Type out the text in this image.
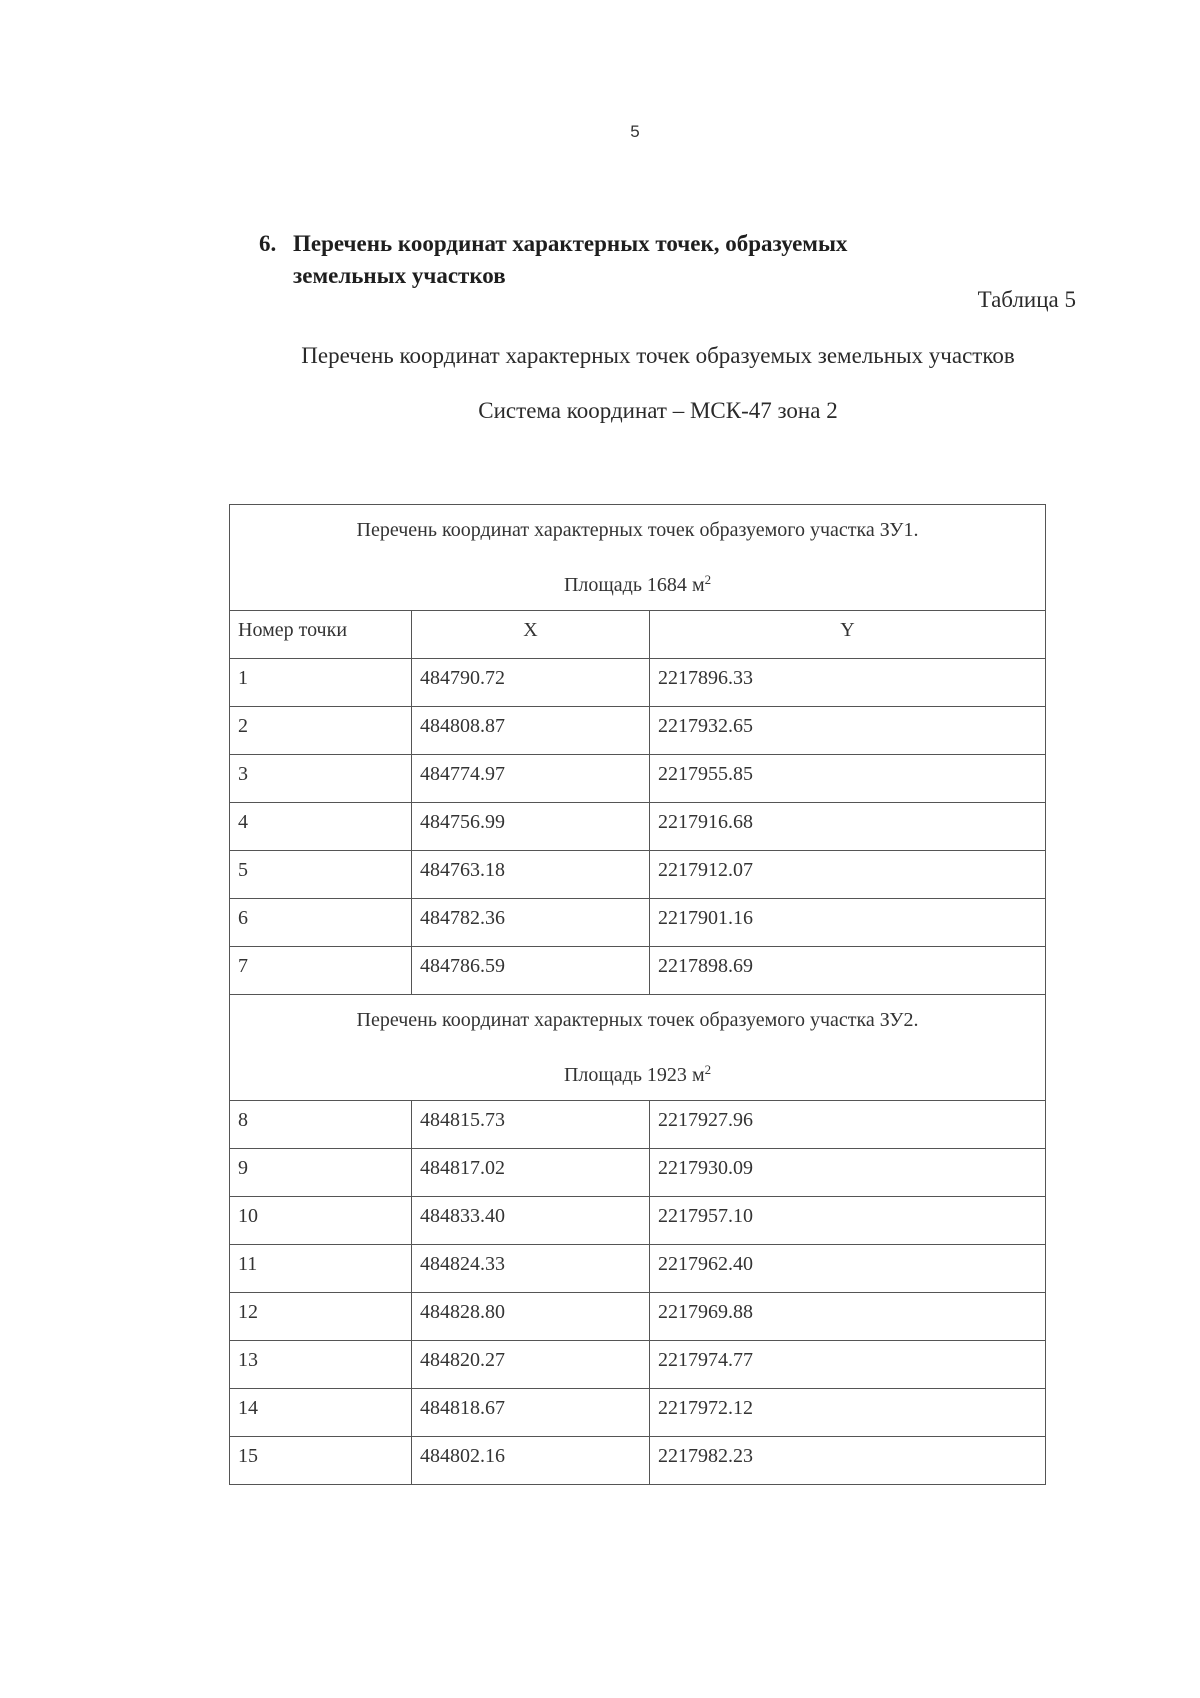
5
6. Перечень координат характерных точек, образуемых
земельных участков
Таблица 5
Перечень координат характерных точек образуемых земельных участков
Система координат – МСК-47 зона 2
Перечень координат характерных точек образуемого участка ЗУ1.
Площадь 1684 $м^2$
Номер точки	X	Y
1	484790.72	2217896.33
2	484808.87	2217932.65
3	484774.97	2217955.85
4	484756.99	2217916.68
5	484763.18	2217912.07
6	484782.36	2217901.16
7	484786.59	2217898.69
Перечень координат характерных точек образуемого участка ЗУ2.
Площадь 1923 $м^2$
8	484815.73	2217927.96
9	484817.02	2217930.09
10	484833.40	2217957.10
11	484824.33	2217962.40
12	484828.80	2217969.88
13	484820.27	2217974.77
14	484818.67	2217972.12
15	484802.16	2217982.23
